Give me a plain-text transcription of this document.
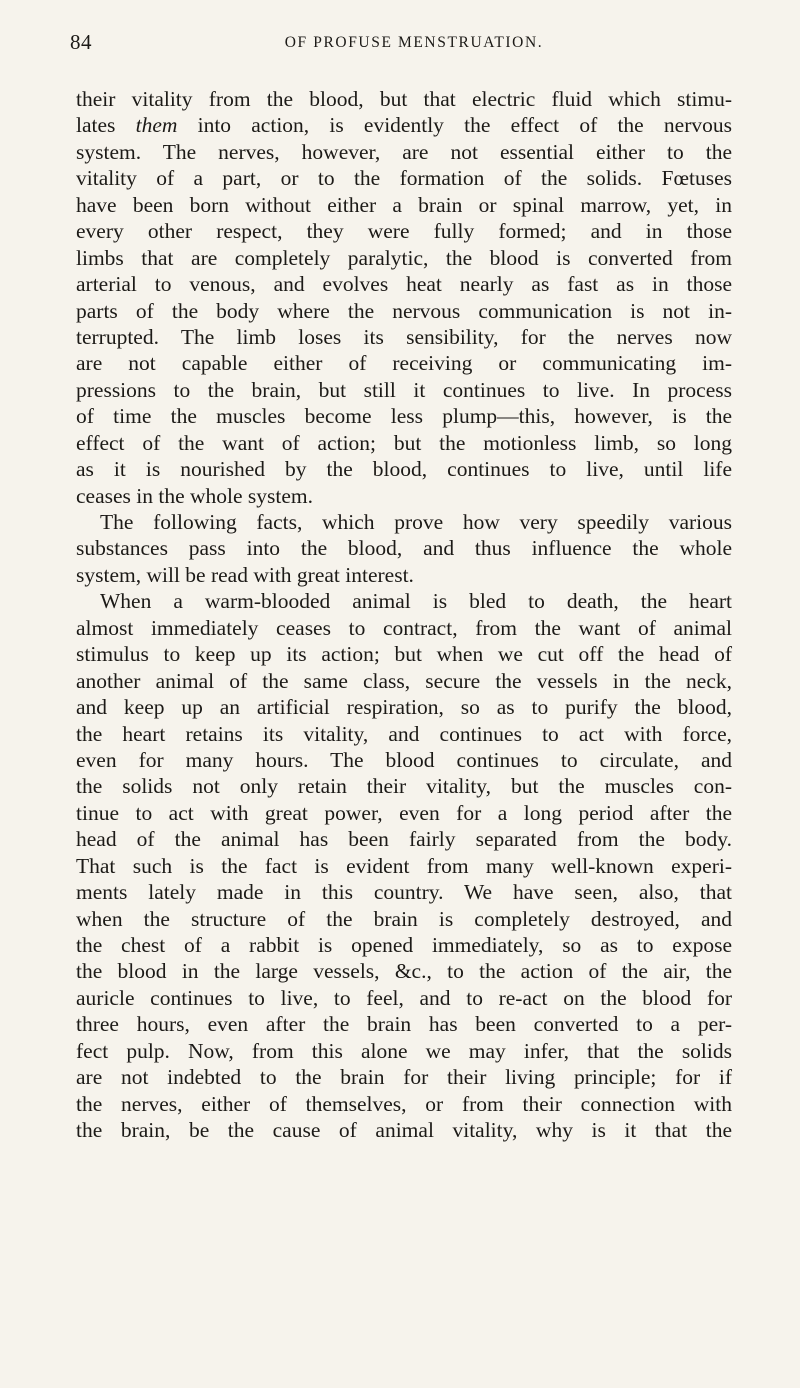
84	OF PROFUSE MENSTRUATION.
their vitality from the blood, but that electric fluid which stimu-
lates them into action, is evidently the effect of the nervous
system. The nerves, however, are not essential either to the
vitality of a part, or to the formation of the solids. Fœtuses
have been born without either a brain or spinal marrow, yet, in
every other respect, they were fully formed; and in those
limbs that are completely paralytic, the blood is converted from
arterial to venous, and evolves heat nearly as fast as in those
parts of the body where the nervous communication is not in-
terrupted. The limb loses its sensibility, for the nerves now
are not capable either of receiving or communicating im-
pressions to the brain, but still it continues to live. In process
of time the muscles become less plump—this, however, is the
effect of the want of action; but the motionless limb, so long
as it is nourished by the blood, continues to live, until life
ceases in the whole system.
The following facts, which prove how very speedily various
substances pass into the blood, and thus influence the whole
system, will be read with great interest.
When a warm-blooded animal is bled to death, the heart
almost immediately ceases to contract, from the want of animal
stimulus to keep up its action; but when we cut off the head of
another animal of the same class, secure the vessels in the neck,
and keep up an artificial respiration, so as to purify the blood,
the heart retains its vitality, and continues to act with force,
even for many hours. The blood continues to circulate, and
the solids not only retain their vitality, but the muscles con-
tinue to act with great power, even for a long period after the
head of the animal has been fairly separated from the body.
That such is the fact is evident from many well-known experi-
ments lately made in this country. We have seen, also, that
when the structure of the brain is completely destroyed, and
the chest of a rabbit is opened immediately, so as to expose
the blood in the large vessels, &c., to the action of the air, the
auricle continues to live, to feel, and to re-act on the blood for
three hours, even after the brain has been converted to a per-
fect pulp. Now, from this alone we may infer, that the solids
are not indebted to the brain for their living principle; for if
the nerves, either of themselves, or from their connection with
the brain, be the cause of animal vitality, why is it that the
